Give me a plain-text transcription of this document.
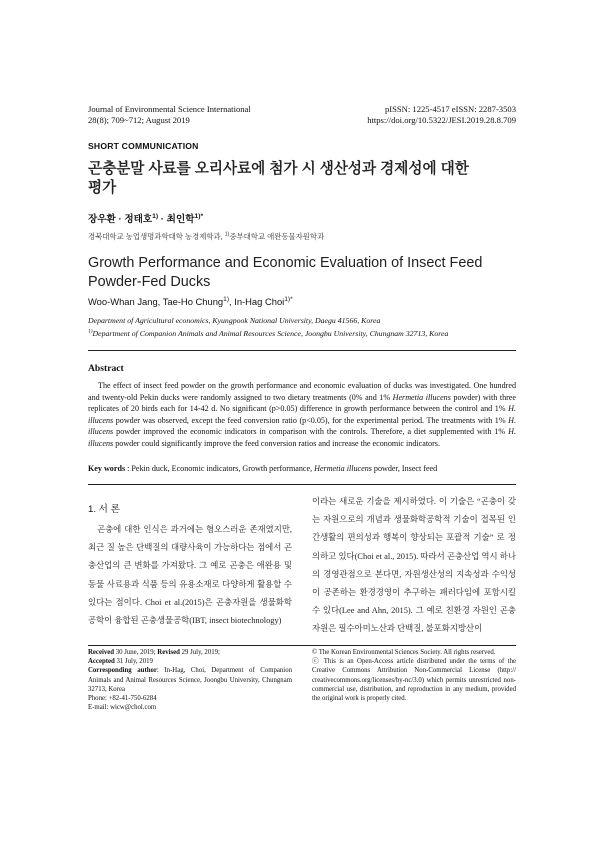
Journal of Environmental Science International
28(8); 709~712; August 2019
pISSN: 1225-4517 eISSN: 2287-3503
https://doi.org/10.5322/JESI.2019.28.8.709
SHORT COMMUNICATION
곤충분말 사료를 오리사료에 첨가 시 생산성과 경제성에 대한
평가
장우환 · 정태호$^{1)}$ · 최인학$^{1)*}$
경북대학교 농업생명과학대학 농경제학과, $^{1)}$중부대학교 애완동물자원학과
Growth Performance and Economic Evaluation of Insect Feed
Powder-Fed Ducks
Woo-Whan Jang, Tae-Ho Chung$^{1)}$, In-Hag Choi$^{1)*}$
Department of Agricultural economics, Kyungpook National University, Daegu 41566, Korea
$^{1)}$Department of Companion Animals and Animal Resources Science, Joongbu University, Chungnam 32713, Korea
Abstract
The effect of insect feed powder on the growth performance and economic evaluation of ducks was investigated. One hundred and twenty-old Pekin ducks were randomly assigned to two dietary treatments (0% and 1% Hermetia illucens powder) with three replicates of 20 birds each for 14-42 d. No significant (p>0.05) difference in growth performance between the control and 1% H. illucens powder was observed, except the feed conversion ratio (p<0.05), for the experimental period. The treatments with 1% H. illucens powder improved the economic indicators in comparison with the controls. Therefore, a diet supplemented with 1% H. illucens powder could significantly improve the feed conversion ratios and increase the economic indicators.
Key words : Pekin duck, Economic indicators, Growth performance, Hermetia illucens powder, Insect feed
1. 서 론
곤충에 대한 인식은 과거에는 혐오스러운 존재였지만, 최근 질 높은 단백질의 대량사육이 가능하다는 점에서 곤충산업의 큰 변화를 가져왔다. 그 예로 곤충은 애완용 및 동물 사료용과 식품 등의 유용소재로 다양하게 활용할 수 있다는 점이다. Choi et al.(2015)은 곤충자원을 생물화학공학이 융합된 곤충생물공학(IBT, insect biotechnology)
이라는 새로운 기술을 제시하였다. 이 기술은 “곤충이 갖는 자원으로의 개념과 생물화학공학적 기술이 접목된 인간생활의 편의성과 행복이 향상되는 포괄적 기술” 로 정의하고 있다(Choi et al., 2015). 따라서 곤충산업 역시 하나의 경영관점으로 본다면, 자원생산성의 지속성과 수익성이 공존하는 환경경영이 추구하는 패러다임에 포함시킬 수 있다(Lee and Ahn, 2015). 그 예로 친환경 자원인 곤충자원은 필수아미노산과 단백질, 불포화지방산이
Received 30 June, 2019; Revised 29 July, 2019;
Accepted 31 July, 2019
Corresponding author: In-Hag, Choi, Department of Companion Animals and Animal Resources Science, Joongbu University, Chungnam 32713, Korea
Phone: +82-41-750-6284
E-mail: wicw@chol.com
© The Korean Environmental Sciences Society. All rights reserved.
ⓒ This is an Open-Access article distributed under the terms of the Creative Commons Attribution Non-Commercial License (http:// creativecommons.org/licenses/by-nc/3.0) which permits unrestricted non-commercial use, distribution, and reproduction in any medium, provided the original work is properly cited.
